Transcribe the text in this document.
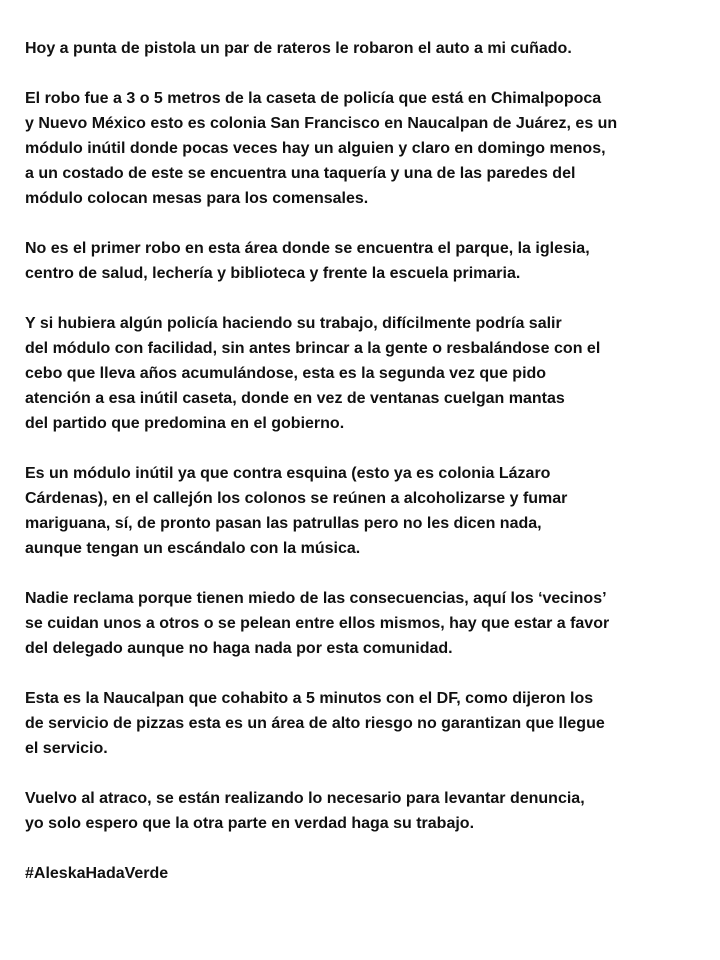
Hoy a punta de pistola un par de rateros le robaron el auto a mi cuñado.
El robo fue a 3 o 5 metros de la caseta de policía que está en Chimalpopoca
y Nuevo México esto es colonia San Francisco en Naucalpan de Juárez, es un
módulo inútil donde pocas veces hay un alguien y claro en domingo menos,
a un costado de este se encuentra una taquería y una de las paredes del
módulo colocan mesas para los comensales.
No es el primer robo en esta área donde se encuentra el parque, la iglesia,
centro de salud, lechería y biblioteca y frente la escuela primaria.
Y si hubiera algún policía haciendo su trabajo, difícilmente podría salir
del módulo con facilidad, sin antes brincar a la gente o resbalándose con el
cebo que lleva años acumulándose, esta es la segunda vez que pido
atención a esa inútil caseta, donde en vez de ventanas cuelgan mantas
del partido que predomina en el gobierno.
Es un módulo inútil ya que contra esquina (esto ya es colonia Lázaro
Cárdenas), en el callejón los colonos se reúnen a alcoholizarse y fumar
mariguana, sí, de pronto pasan las patrullas pero no les dicen nada,
aunque tengan un escándalo con la música.
Nadie reclama porque tienen miedo de las consecuencias, aquí los ‘vecinos’
se cuidan unos a otros o se pelean entre ellos mismos, hay que estar a favor
del delegado aunque no haga nada por esta comunidad.
Esta es la Naucalpan que cohabito a 5 minutos con el DF, como dijeron los
de servicio de pizzas esta es un área de alto riesgo no garantizan que llegue
el servicio.
Vuelvo al atraco, se están realizando lo necesario para levantar denuncia,
yo solo espero que la otra parte en verdad haga su trabajo.
#AleskaHadaVerde
